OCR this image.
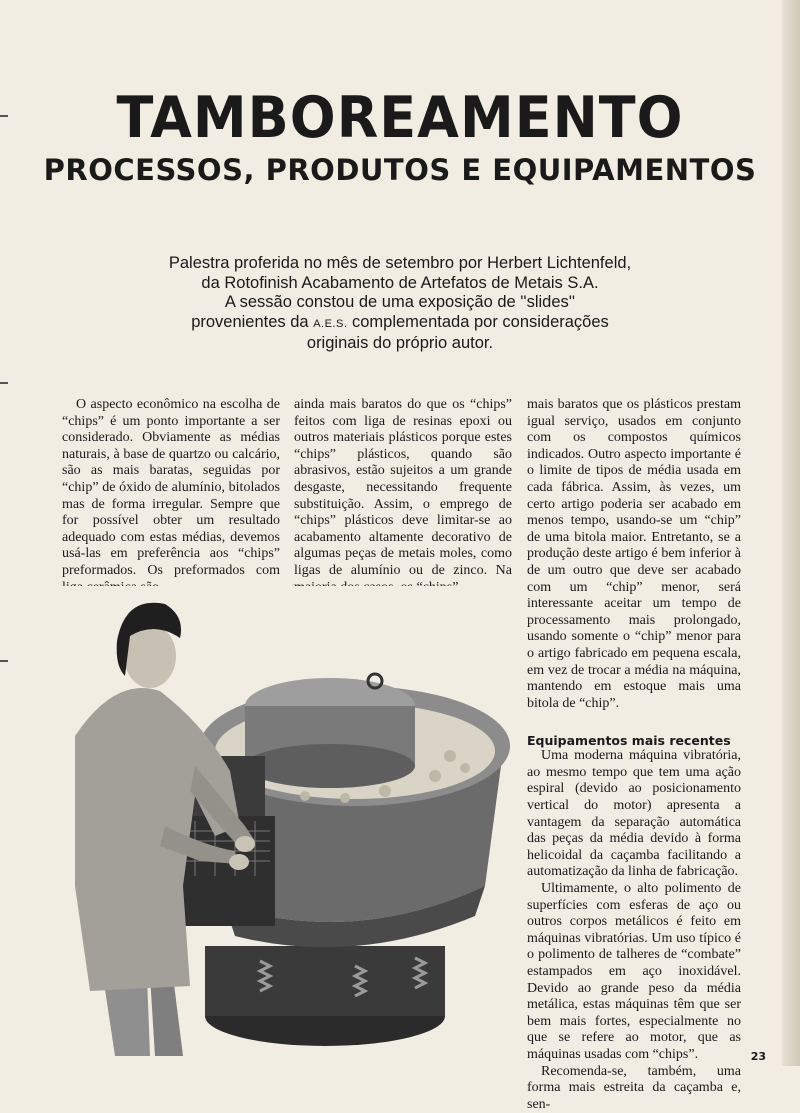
TAMBOREAMENTO
PROCESSOS, PRODUTOS E EQUIPAMENTOS
Palestra proferida no mês de setembro por Herbert Lichtenfeld,
da Rotofinish Acabamento de Artefatos de Metais S.A.
A sessão constou de uma exposição de ''slides''
provenientes da A.E.S. complementada por considerações
originais do próprio autor.

O aspecto econômico na escolha de “chips” é um ponto importante a ser considerado. Obviamente as médias naturais, à base de quartzo ou calcário, são as mais baratas, seguidas por “chip” de óxido de alumínio, bitolados mas de forma irregular. Sempre que for possível obter um resultado adequado com estas médias, devemos usá-las em preferência aos “chips” preformados. Os preformados com

ainda mais baratos do que os “chips” feitos com liga de resinas epoxi ou outros materiais plásticos porque estes “chips” plásticos, quando são abrasivos, estão sujeitos a um grande desgaste, necessitando frequente substituição. Assim, o emprego de “chips” plásticos deve limitar-se ao acabamento altamente decorativo de algumas peças de metais moles, como ligas de alumínio ou de zinco. Na

mais baratos que os plásticos prestam igual serviço, usados em conjunto com os compostos químicos indicados. Outro aspecto importante é o limite de tipos de média usada em cada fábrica. Assim, às vezes, um certo artigo poderia ser acabado em menos tempo, usando-se um “chip” de uma bitola maior. Entretanto, se a produção deste artigo é bem inferior à de um outro que deve ser acabado com um “chip” menor, será interessante aceitar um tempo de processamento mais prolongado, usando somente o “chip” menor para o artigo fabricado em pequena escala, em vez de trocar a média na máquina, mantendo em estoque mais uma bitola de “chip”.

Equipamentos mais recentes

Uma moderna máquina vibratória, ao mesmo tempo que tem uma ação espiral (devido ao posicionamento vertical do motor) apresenta a vantagem da separação automática das peças da média devido à forma helicoidal da caçamba facilitando a automatização da linha de fabricação.

Ultimamente, o alto polimento de superfícies com esferas de aço ou outros corpos metálicos é feito em máquinas vibratórias. Um uso típico é o polimento de talheres de “combate” estampados em aço inoxidável. Devido ao grande peso da média metálica, estas máquinas têm que ser bem mais fortes, especialmente no que se refere ao motor, que as máquinas usadas com “chips”.

Recomenda-se, também, uma forma mais estreita da caçamba e, sen-

23
